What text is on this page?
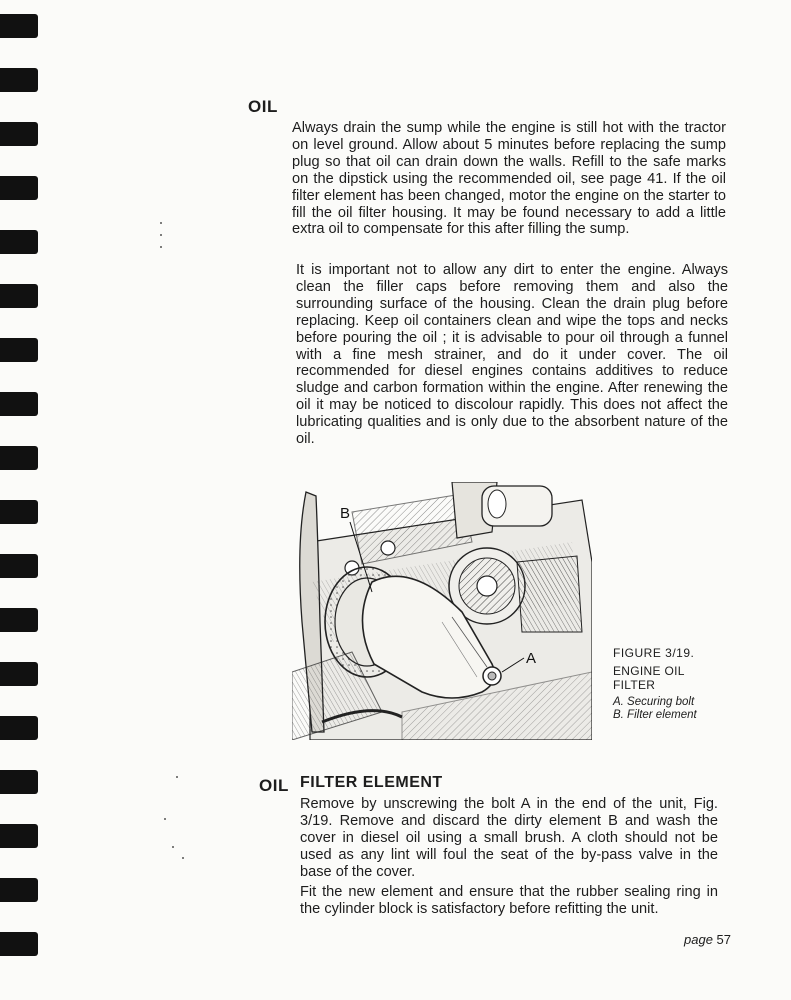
OIL

Always drain the sump while the engine is still hot with the tractor on level ground. Allow about 5 minutes before replacing the sump plug so that oil can drain down the walls. Refill to the safe marks on the dipstick using the recommended oil, see page 41. If the oil filter element has been changed, motor the engine on the starter to fill the oil filter housing. It may be found necessary to add a little extra oil to compensate for this after filling the sump.

It is important not to allow any dirt to enter the engine. Always clean the filler caps before removing them and also the surrounding surface of the housing. Clean the drain plug before replacing. Keep oil containers clean and wipe the tops and necks before pouring the oil ; it is advisable to pour oil through a funnel with a fine mesh strainer, and do it under cover. The oil recommended for diesel engines contains additives to reduce sludge and carbon formation within the engine. After renewing the oil it may be noticed to discolour rapidly. This does not affect the lubricating qualities and is only due to the absorbent nature of the oil.

B
A	FIGURE 3/19.
ENGINE OIL
FILTER
A. Securing bolt
B. Filter element
OIL FILTER ELEMENT

Remove by unscrewing the bolt A in the end of the unit, Fig. 3/19. Remove and discard the dirty element B and wash the cover in diesel oil using a small brush. A cloth should not be used as any lint will foul the seat of the by-pass valve in the base of the cover.

Fit the new element and ensure that the rubber sealing ring in the cylinder block is satisfactory before refitting the unit.

page 57
